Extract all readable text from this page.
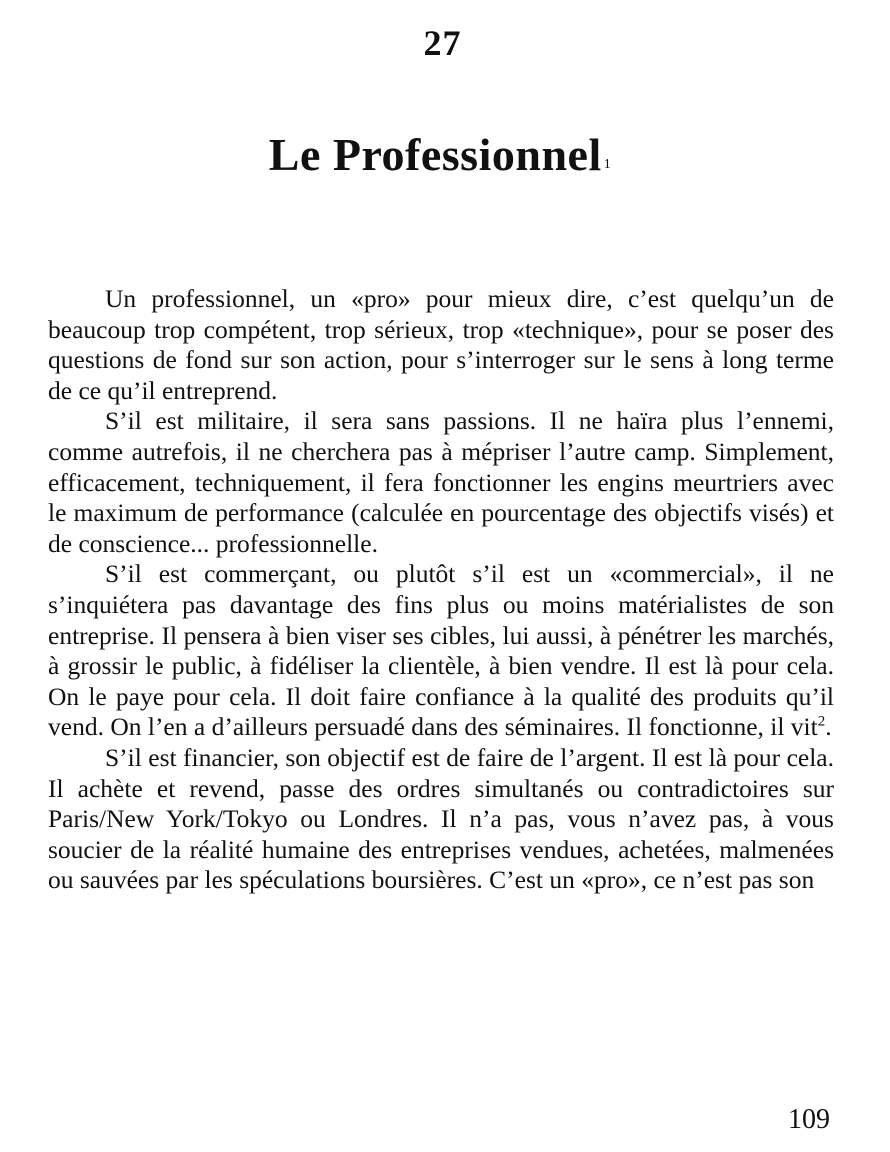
27
Le Professionnel $^1$

Un professionnel, un «pro» pour mieux dire, c’est quelqu’un de beaucoup trop compétent, trop sérieux, trop «technique», pour se poser des questions de fond sur son action, pour s’interroger sur le sens à long terme de ce qu’il entreprend.

S’il est militaire, il sera sans passions. Il ne haïra plus l’ennemi, comme autrefois, il ne cherchera pas à mépriser l’autre camp. Simplement, efficacement, techniquement, il fera fonctionner les engins meurtriers avec le maximum de performance (calculée en pourcentage des objectifs visés) et de conscience... professionnelle.

S’il est commerçant, ou plutôt s’il est un «commercial», il ne s’inquiétera pas davantage des fins plus ou moins matérialistes de son entreprise. Il pensera à bien viser ses cibles, lui aussi, à pénétrer les marchés, à grossir le public, à fidéliser la clientèle, à bien vendre. Il est là pour cela. On le paye pour cela. Il doit faire confiance à la qualité des produits qu’il vend. On l’en a d’ailleurs persuadé dans des séminaires. Il fonctionne, il vit$^2$.

S’il est financier, son objectif est de faire de l’argent. Il est là pour cela. Il achète et revend, passe des ordres simultanés ou contradictoires sur Paris/New York/Tokyo ou Londres. Il n’a pas, vous n’avez pas, à vous soucier de la réalité humaine des entreprises vendues, achetées, malmenées ou sauvées par les spéculations boursières. C’est un «pro», ce n’est pas son

109
